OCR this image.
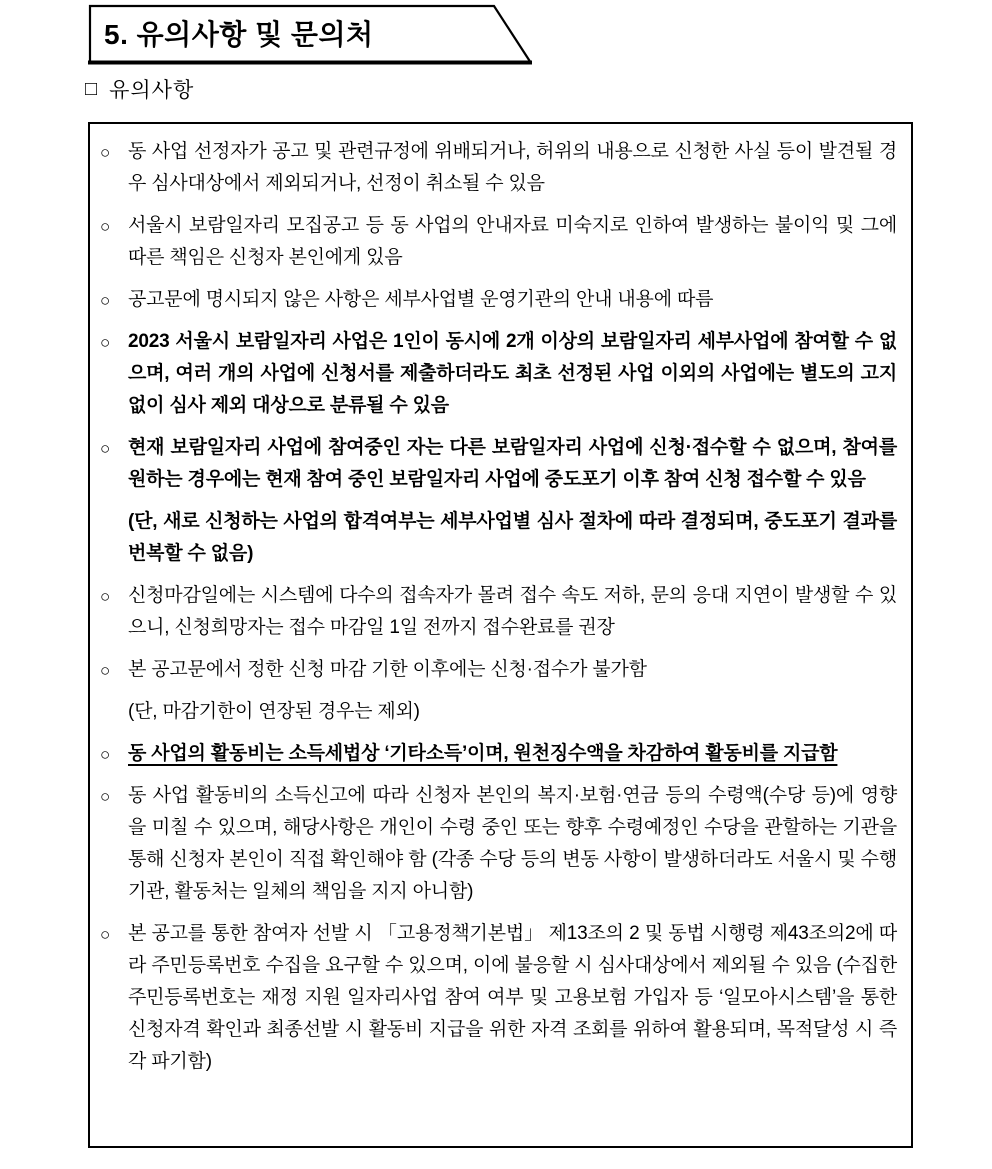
5. 유의사항 및 문의처
□ 유의사항
○ 동 사업 선정자가 공고 및 관련규정에 위배되거나, 허위의 내용으로 신청한 사실 등이 발견될 경우 심사대상에서 제외되거나, 선정이 취소될 수 있음
○ 서울시 보람일자리 모집공고 등 동 사업의 안내자료 미숙지로 인하여 발생하는 불이익 및 그에 따른 책임은 신청자 본인에게 있음
○ 공고문에 명시되지 않은 사항은 세부사업별 운영기관의 안내 내용에 따름
○ 2023 서울시 보람일자리 사업은 1인이 동시에 2개 이상의 보람일자리 세부사업에 참여할 수 없으며, 여러 개의 사업에 신청서를 제출하더라도 최초 선정된 사업 이외의 사업에는 별도의 고지 없이 심사 제외 대상으로 분류될 수 있음
○ 현재 보람일자리 사업에 참여중인 자는 다른 보람일자리 사업에 신청·접수할 수 없으며, 참여를 원하는 경우에는 현재 참여 중인 보람일자리 사업에 중도포기 이후 참여 신청 접수할 수 있음
(단, 새로 신청하는 사업의 합격여부는 세부사업별 심사 절차에 따라 결정되며, 중도포기 결과를 번복할 수 없음)
○ 신청마감일에는 시스템에 다수의 접속자가 몰려 접수 속도 저하, 문의 응대 지연이 발생할 수 있으니, 신청희망자는 접수 마감일 1일 전까지 접수완료를 권장
○ 본 공고문에서 정한 신청 마감 기한 이후에는 신청·접수가 불가함
(단, 마감기한이 연장된 경우는 제외)
○ 동 사업의 활동비는 소득세법상 ‘기타소득’이며, 원천징수액을 차감하여 활동비를 지급함
○ 동 사업 활동비의 소득신고에 따라 신청자 본인의 복지·보험·연금 등의 수령액(수당 등)에 영향을 미칠 수 있으며, 해당사항은 개인이 수령 중인 또는 향후 수령예정인 수당을 관할하는 기관을 통해 신청자 본인이 직접 확인해야 함 (각종 수당 등의 변동 사항이 발생하더라도 서울시 및 수행기관, 활동처는 일체의 책임을 지지 아니함)
○ 본 공고를 통한 참여자 선발 시 「고용정책기본법」 제13조의 2 및 동법 시행령 제43조의2에 따라 주민등록번호 수집을 요구할 수 있으며, 이에 불응할 시 심사대상에서 제외될 수 있음 (수집한 주민등록번호는 재정 지원 일자리사업 참여 여부 및 고용보험 가입자 등 ‘일모아시스템’을 통한 신청자격 확인과 최종선발 시 활동비 지급을 위한 자격 조회를 위하여 활용되며, 목적달성 시 즉각 파기함)
